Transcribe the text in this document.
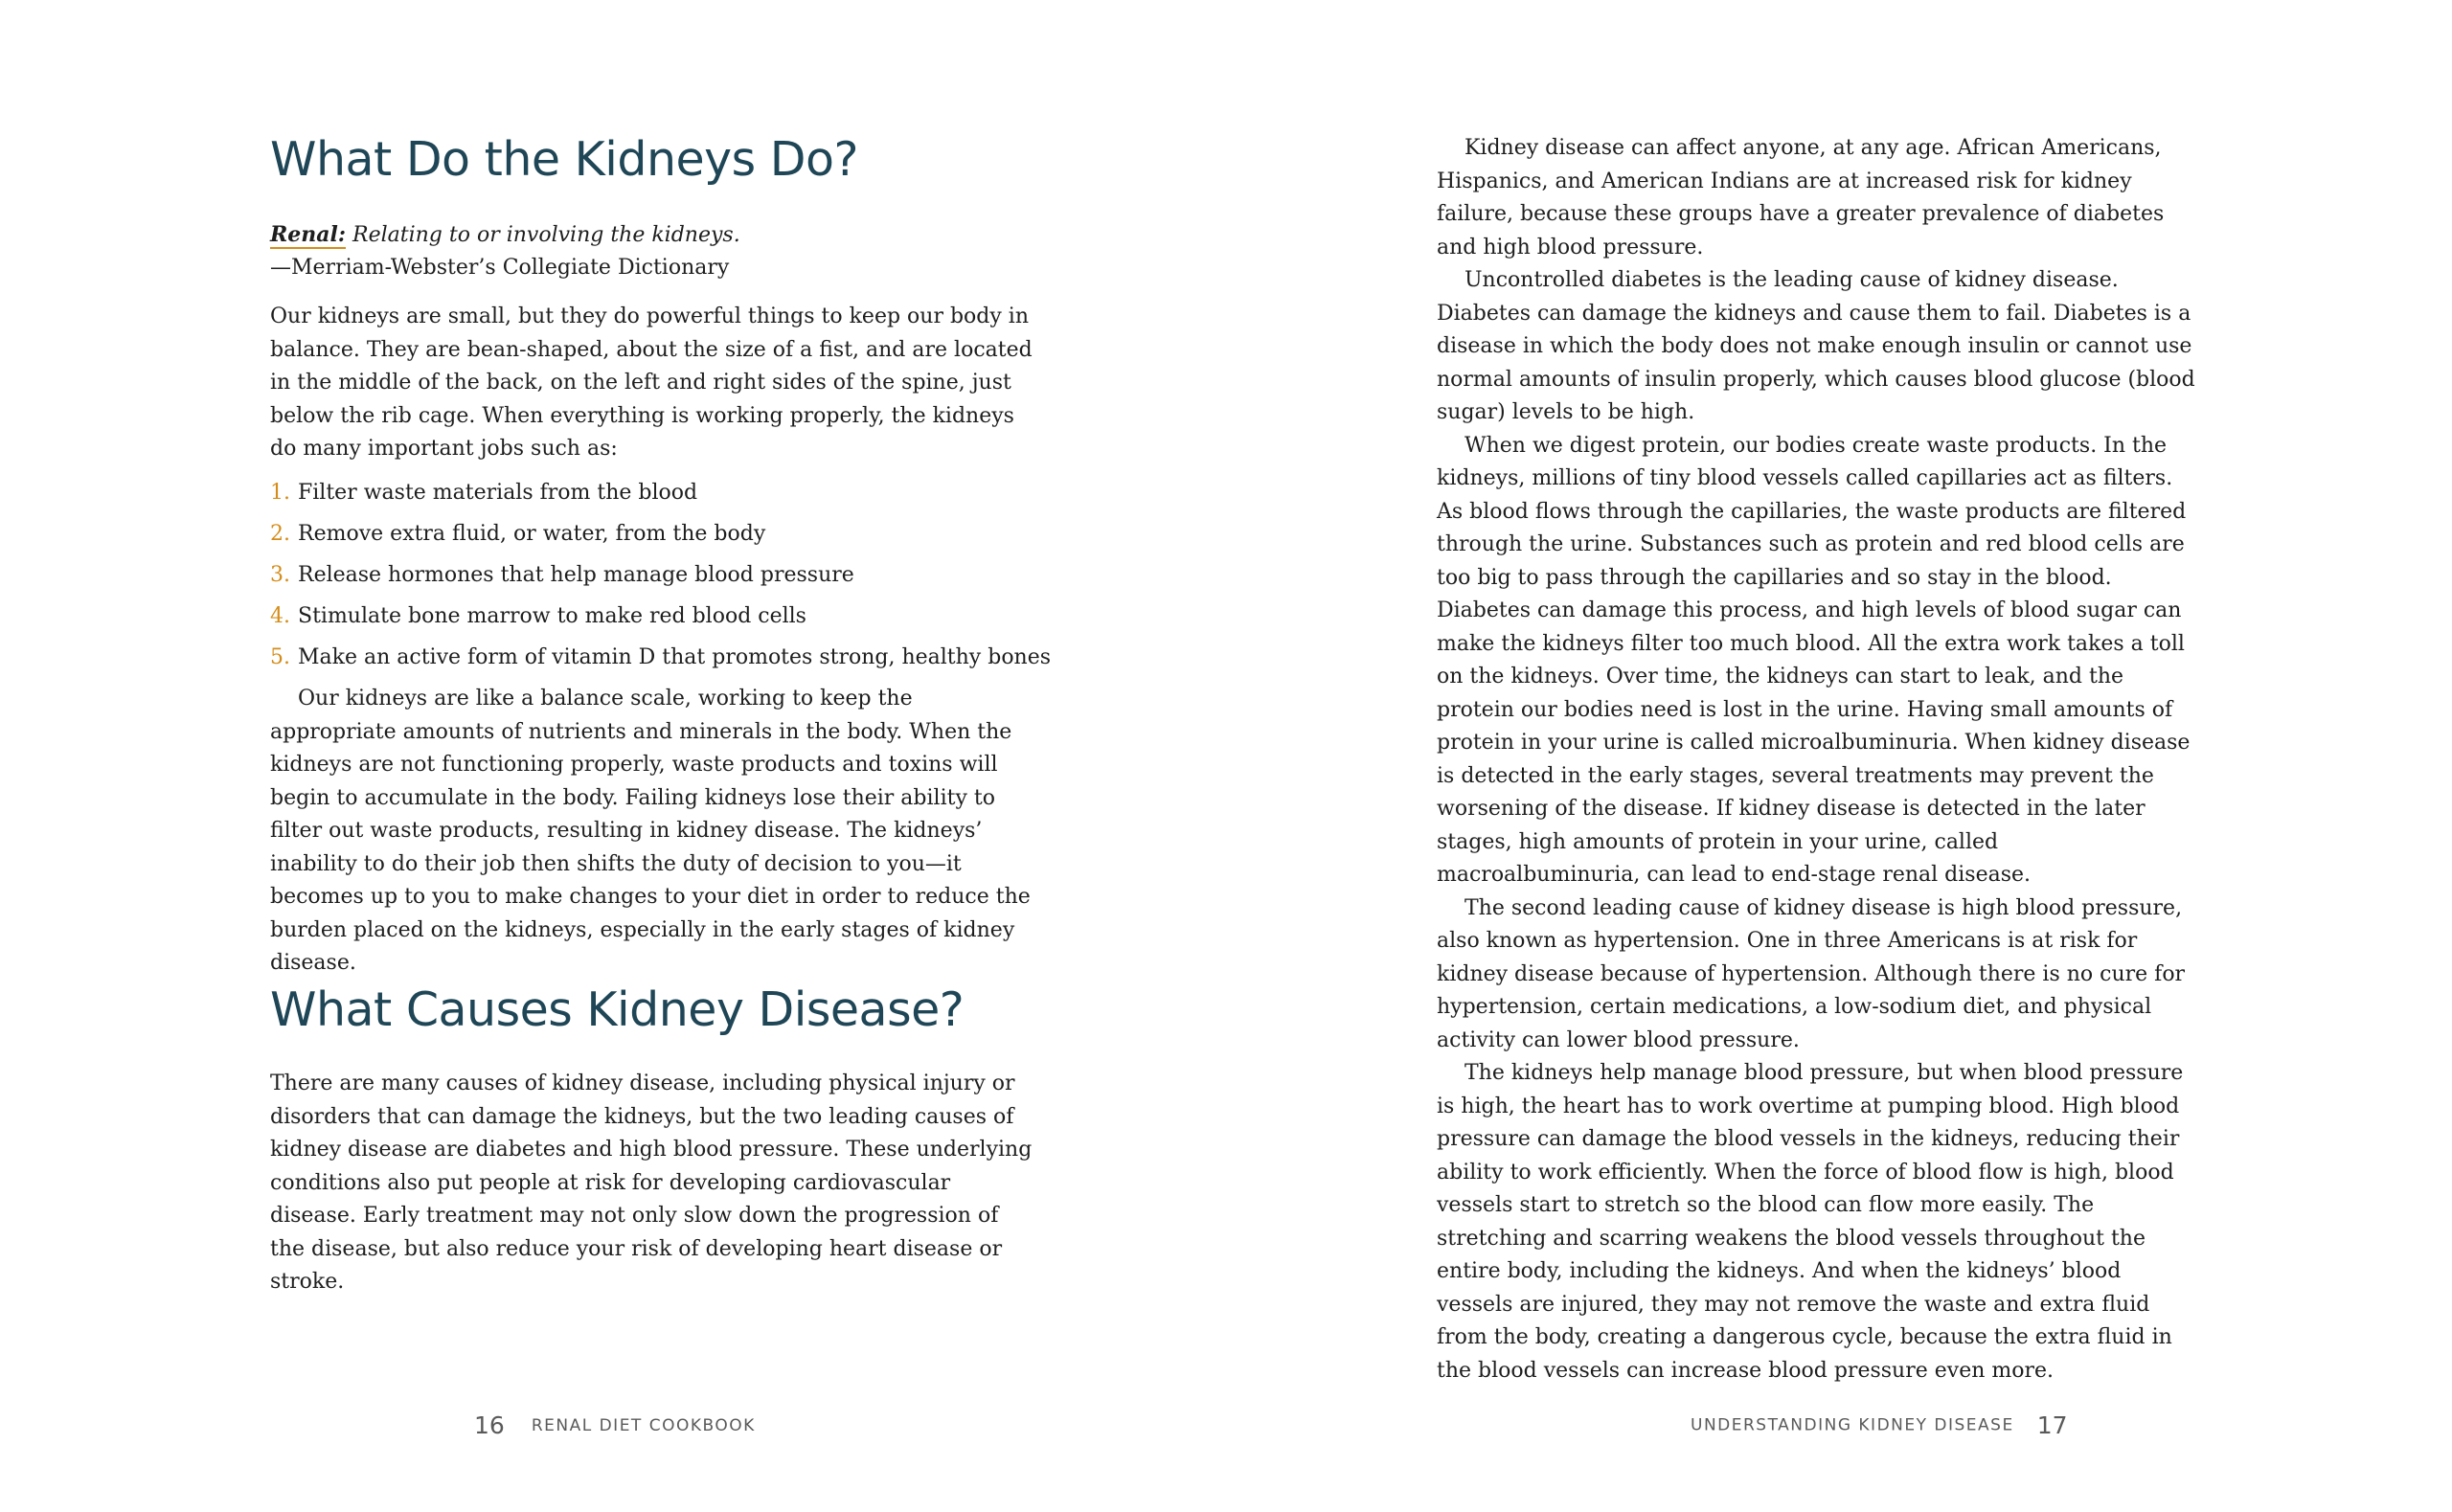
What Do the Kidneys Do?
Renal: Relating to or involving the kidneys.
—Merriam-Webster’s Collegiate Dictionary

Our kidneys are small, but they do powerful things to keep our body in balance. They are bean-shaped, about the size of a fist, and are located in the middle of the back, on the left and right sides of the spine, just below the rib cage. When everything is working properly, the kidneys do many important jobs such as:

1. Filter waste materials from the blood
2. Remove extra fluid, or water, from the body
3. Release hormones that help manage blood pressure
4. Stimulate bone marrow to make red blood cells
5. Make an active form of vitamin D that promotes strong, healthy bones

Our kidneys are like a balance scale, working to keep the appropriate amounts of nutrients and minerals in the body. When the kidneys are not functioning properly, waste products and toxins will begin to accumulate in the body. Failing kidneys lose their ability to filter out waste products, resulting in kidney disease. The kidneys’ inability to do their job then shifts the duty of decision to you—it becomes up to you to make changes to your diet in order to reduce the burden placed on the kidneys, especially in the early stages of kidney disease.

What Causes Kidney Disease?

There are many causes of kidney disease, including physical injury or disorders that can damage the kidneys, but the two leading causes of kidney disease are diabetes and high blood pressure. These underlying conditions also put people at risk for developing cardiovascular disease. Early treatment may not only slow down the progression of the disease, but also reduce your risk of developing heart disease or stroke.

16 RENAL DIET COOKBOOK

Kidney disease can affect anyone, at any age. African Americans, Hispanics, and American Indians are at increased risk for kidney failure, because these groups have a greater prevalence of diabetes and high blood pressure.

Uncontrolled diabetes is the leading cause of kidney disease. Diabetes can damage the kidneys and cause them to fail. Diabetes is a disease in which the body does not make enough insulin or cannot use normal amounts of insulin properly, which causes blood glucose (blood sugar) levels to be high.

When we digest protein, our bodies create waste products. In the kidneys, millions of tiny blood vessels called capillaries act as filters. As blood flows through the capillaries, the waste products are filtered through the urine. Substances such as protein and red blood cells are too big to pass through the capillaries and so stay in the blood. Diabetes can damage this process, and high levels of blood sugar can make the kidneys filter too much blood. All the extra work takes a toll on the kidneys. Over time, the kidneys can start to leak, and the protein our bodies need is lost in the urine. Having small amounts of protein in your urine is called microalbuminuria. When kidney disease is detected in the early stages, several treatments may prevent the worsening of the disease. If kidney disease is detected in the later stages, high amounts of protein in your urine, called macroalbuminuria, can lead to end-stage renal disease.

The second leading cause of kidney disease is high blood pressure, also known as hypertension. One in three Americans is at risk for kidney disease because of hypertension. Although there is no cure for hypertension, certain medications, a low-sodium diet, and physical activity can lower blood pressure.

The kidneys help manage blood pressure, but when blood pressure is high, the heart has to work overtime at pumping blood. High blood pressure can damage the blood vessels in the kidneys, reducing their ability to work efficiently. When the force of blood flow is high, blood vessels start to stretch so the blood can flow more easily. The stretching and scarring weakens the blood vessels throughout the entire body, including the kidneys. And when the kidneys’ blood vessels are injured, they may not remove the waste and extra fluid from the body, creating a dangerous cycle, because the extra fluid in the blood vessels can increase blood pressure even more.

UNDERSTANDING KIDNEY DISEASE 17
